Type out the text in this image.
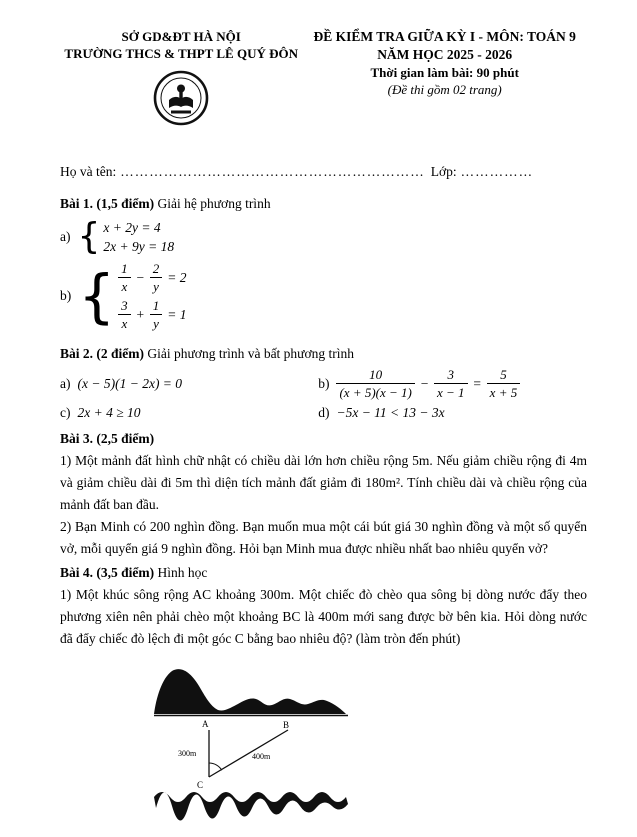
SỞ GD&ĐT HÀ NỘI
TRƯỜNG THCS & THPT LÊ QUÝ ĐÔN
ĐỀ KIỂM TRA GIỮA KỲ I - MÔN: TOÁN 9
NĂM HỌC 2025 - 2026
Thời gian làm bài: 90 phút
(Đề thi gồm 02 trang)
Họ và tên: ……………………………………………………… Lớp: ……………
Bài 1. (1,5 điểm) Giải hệ phương trình
a) { x + 2y = 4
2x + 9y = 18
b) { $\frac{1}{x} - \frac{2}{y} = 2$
$\frac{3}{x} + \frac{1}{y} = 1$
Bài 2. (2 điểm) Giải phương trình và bất phương trình
a) (x − 5)(1 − 2x) = 0	$b) \frac{10}{(x + 5)(x - 1)} - \frac{3}{x - 1} = \frac{5}{x + 5}$
c) 2x + 4 ≥ 10	d) −5x − 11 < 13 − 3x
Bài 3. (2,5 điểm)
1) Một mảnh đất hình chữ nhật có chiều dài lớn hơn chiều rộng 5m. Nếu giảm chiều rộng đi 4m và giảm chiều dài đi 5m thì diện tích mảnh đất giảm đi 180m². Tính chiều dài và chiều rộng của mảnh đất ban đầu.
2) Bạn Minh có 200 nghìn đồng. Bạn muốn mua một cái bút giá 30 nghìn đồng và một số quyển vở, mỗi quyển giá 9 nghìn đồng. Hỏi bạn Minh mua được nhiều nhất bao nhiêu quyển vở?
Bài 4. (3,5 điểm) Hình học
1) Một khúc sông rộng AC khoảng 300m. Một chiếc đò chèo qua sông bị dòng nước đẩy theo phương xiên nên phải chèo một khoảng BC là 400m mới sang được bờ bên kia. Hỏi dòng nước đã đẩy chiếc đò lệch đi một góc C bằng bao nhiêu độ? (làm tròn đến phút)
A	B
300m	400m
C
